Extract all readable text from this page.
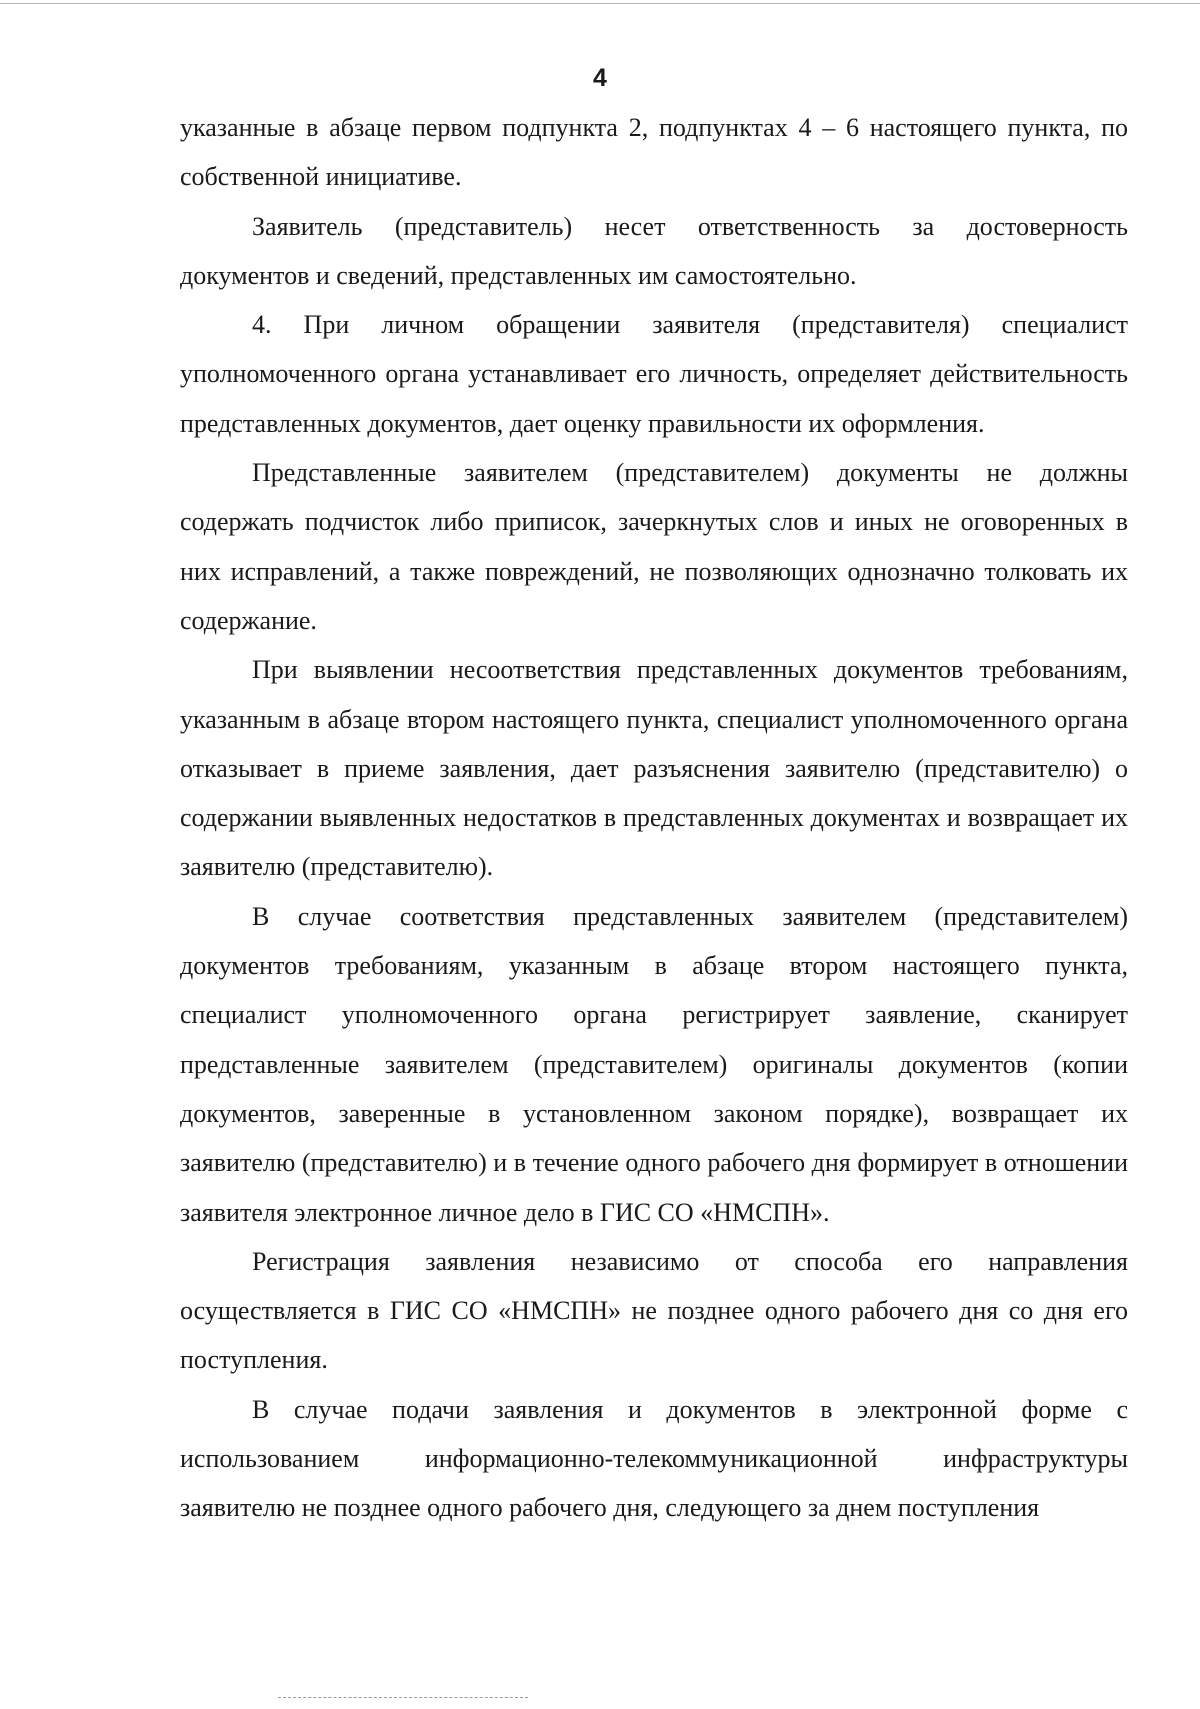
4

указанные в абзаце первом подпункта 2, подпунктах 4 – 6 настоящего пункта, по собственной инициативе.

Заявитель (представитель) несет ответственность за достоверность документов и сведений, представленных им самостоятельно.

4. При личном обращении заявителя (представителя) специалист уполномоченного органа устанавливает его личность, определяет действительность представленных документов, дает оценку правильности их оформления.

Представленные заявителем (представителем) документы не должны содержать подчисток либо приписок, зачеркнутых слов и иных не оговоренных в них исправлений, а также повреждений, не позволяющих однозначно толковать их содержание.

При выявлении несоответствия представленных документов требованиям, указанным в абзаце втором настоящего пункта, специалист уполномоченного органа отказывает в приеме заявления, дает разъяснения заявителю (представителю) о содержании выявленных недостатков в представленных документах и возвращает их заявителю (представителю).

В случае соответствия представленных заявителем (представителем) документов требованиям, указанным в абзаце втором настоящего пункта, специалист уполномоченного органа регистрирует заявление, сканирует представленные заявителем (представителем) оригиналы документов (копии документов, заверенные в установленном законом порядке), возвращает их заявителю (представителю) и в течение одного рабочего дня формирует в отношении заявителя электронное личное дело в ГИС СО «НМСПН».

Регистрация заявления независимо от способа его направления осуществляется в ГИС СО «НМСПН» не позднее одного рабочего дня со дня его поступления.

В случае подачи заявления и документов в электронной форме с использованием информационно-телекоммуникационной инфраструктуры заявителю не позднее одного рабочего дня, следующего за днем поступления
